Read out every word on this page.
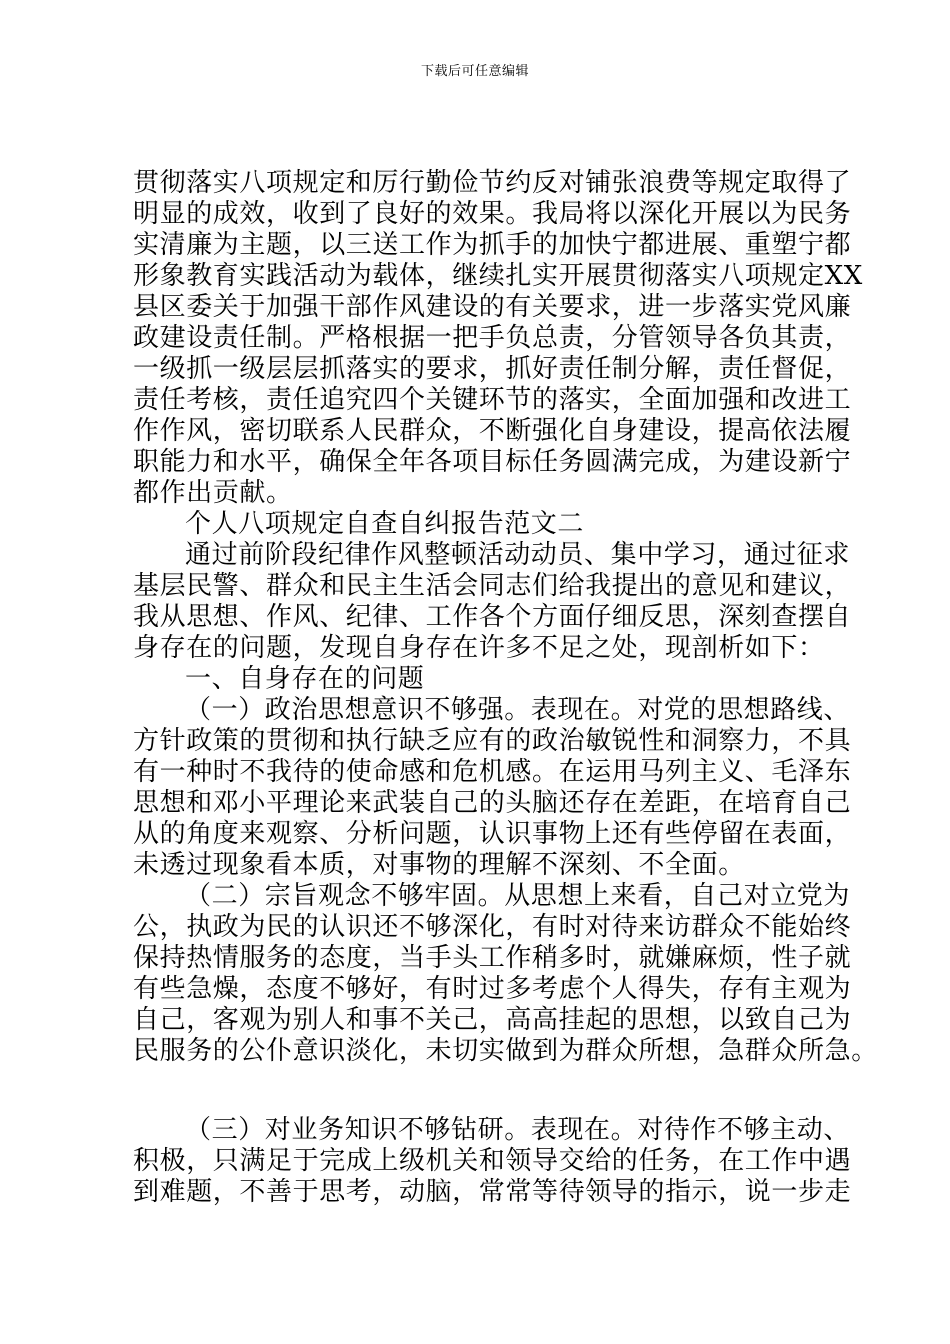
下载后可任意编辑
贯彻落实八项规定和厉行勤俭节约反对铺张浪费等规定取得了
明显的成效，收到了良好的效果。我局将以深化开展以为民务
实清廉为主题，以三送工作为抓手的加快宁都进展、重塑宁都
形象教育实践活动为载体，继续扎实开展贯彻落实八项规定XX
县区委关于加强干部作风建设的有关要求，进一步落实党风廉
政建设责任制。严格根据一把手负总责，分管领导各负其责，
一级抓一级层层抓落实的要求，抓好责任制分解，责任督促，
责任考核，责任追究四个关键环节的落实，全面加强和改进工
作作风，密切联系人民群众，不断强化自身建设，提高依法履
职能力和水平，确保全年各项目标任务圆满完成，为建设新宁
都作出贡献。
个人八项规定自查自纠报告范文二
通过前阶段纪律作风整顿活动动员、集中学习，通过征求
基层民警、群众和民主生活会同志们给我提出的意见和建议，
我从思想、作风、纪律、工作各个方面仔细反思，深刻查摆自
身存在的问题，发现自身存在许多不足之处，现剖析如下：
一、自身存在的问题
（一）政治思想意识不够强。表现在。对党的思想路线、
方针政策的贯彻和执行缺乏应有的政治敏锐性和洞察力，不具
有一种时不我待的使命感和危机感。在运用马列主义、毛泽东
思想和邓小平理论来武装自己的头脑还存在差距，在培育自己
从的角度来观察、分析问题，认识事物上还有些停留在表面，
未透过现象看本质，对事物的理解不深刻、不全面。
（二）宗旨观念不够牢固。从思想上来看，自己对立党为
公，执政为民的认识还不够深化，有时对待来访群众不能始终
保持热情服务的态度，当手头工作稍多时，就嫌麻烦，性子就
有些急燥，态度不够好，有时过多考虑个人得失，存有主观为
自己，客观为别人和事不关己，高高挂起的思想，以致自己为
民服务的公仆意识淡化，未切实做到为群众所想，急群众所急。
（三）对业务知识不够钻研。表现在。对待作不够主动、
积极，只满足于完成上级机关和领导交给的任务，在工作中遇
到难题，不善于思考，动脑，常常等待领导的指示，说一步走
